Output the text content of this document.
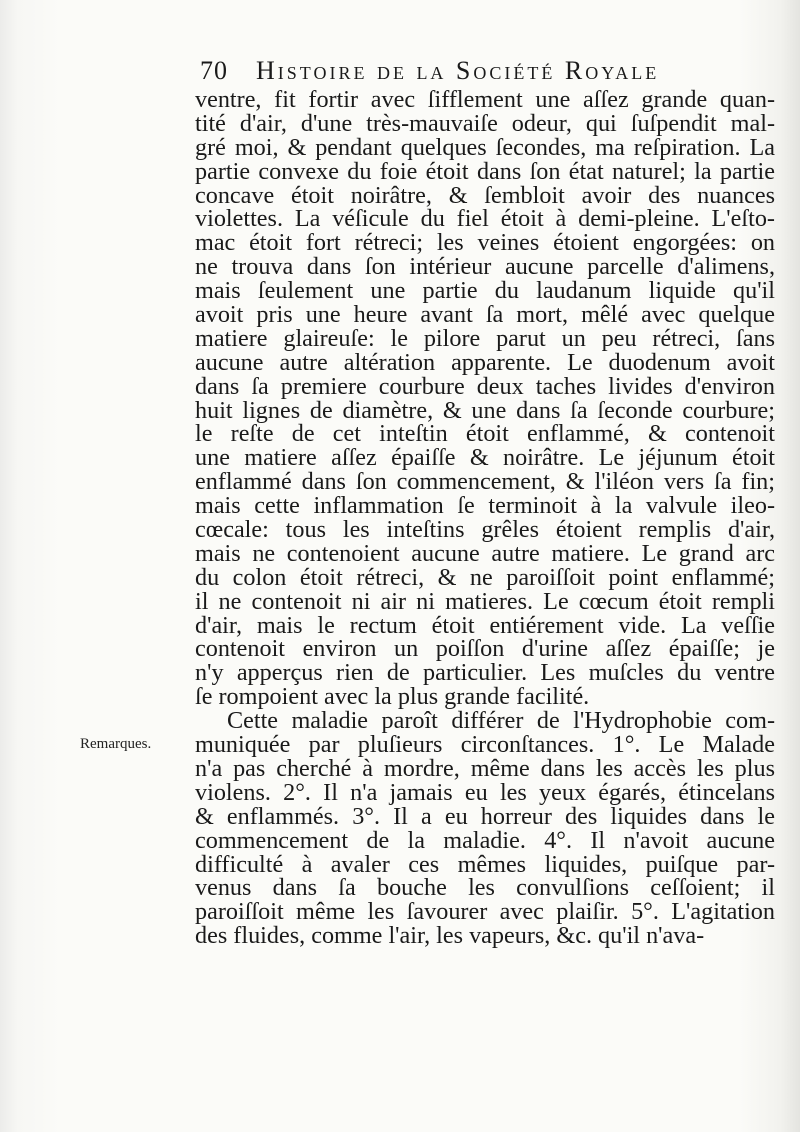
70 Histoire de la Société Royale
Remarques.
ventre, fit fortir avec ſifflement une aſſez grande quan-
tité d'air, d'une très-mauvaiſe odeur, qui ſuſpendit mal-
gré moi, & pendant quelques ſecondes, ma reſpiration. La
partie convexe du foie étoit dans ſon état naturel; la partie
concave étoit noirâtre, & ſembloit avoir des nuances
violettes. La véſicule du fiel étoit à demi-pleine. L'eſto-
mac étoit fort rétreci; les veines étoient engorgées: on
ne trouva dans ſon intérieur aucune parcelle d'alimens,
mais ſeulement une partie du laudanum liquide qu'il
avoit pris une heure avant ſa mort, mêlé avec quelque
matiere glaireuſe: le pilore parut un peu rétreci, ſans
aucune autre altération apparente. Le duodenum avoit
dans ſa premiere courbure deux taches livides d'environ
huit lignes de diamètre, & une dans ſa ſeconde courbure;
le reſte de cet inteſtin étoit enflammé, & contenoit
une matiere aſſez épaiſſe & noirâtre. Le jéjunum étoit
enflammé dans ſon commencement, & l'iléon vers ſa fin;
mais cette inflammation ſe terminoit à la valvule ileo-
cœcale: tous les inteſtins grêles étoient remplis d'air,
mais ne contenoient aucune autre matiere. Le grand arc
du colon étoit rétreci, & ne paroiſſoit point enflammé;
il ne contenoit ni air ni matieres. Le cœcum étoit rempli
d'air, mais le rectum étoit entiérement vide. La veſſie
contenoit environ un poiſſon d'urine aſſez épaiſſe; je
n'y apperçus rien de particulier. Les muſcles du ventre
ſe rompoient avec la plus grande facilité.
Cette maladie paroît différer de l'Hydrophobie com-
muniquée par pluſieurs circonſtances. 1°. Le Malade
n'a pas cherché à mordre, même dans les accès les plus
violens. 2°. Il n'a jamais eu les yeux égarés, étincelans
& enflammés. 3°. Il a eu horreur des liquides dans le
commencement de la maladie. 4°. Il n'avoit aucune
difficulté à avaler ces mêmes liquides, puiſque par-
venus dans ſa bouche les convulſions ceſſoient; il
paroiſſoit même les ſavourer avec plaiſir. 5°. L'agitation
des fluides, comme l'air, les vapeurs, &c. qu'il n'ava-
